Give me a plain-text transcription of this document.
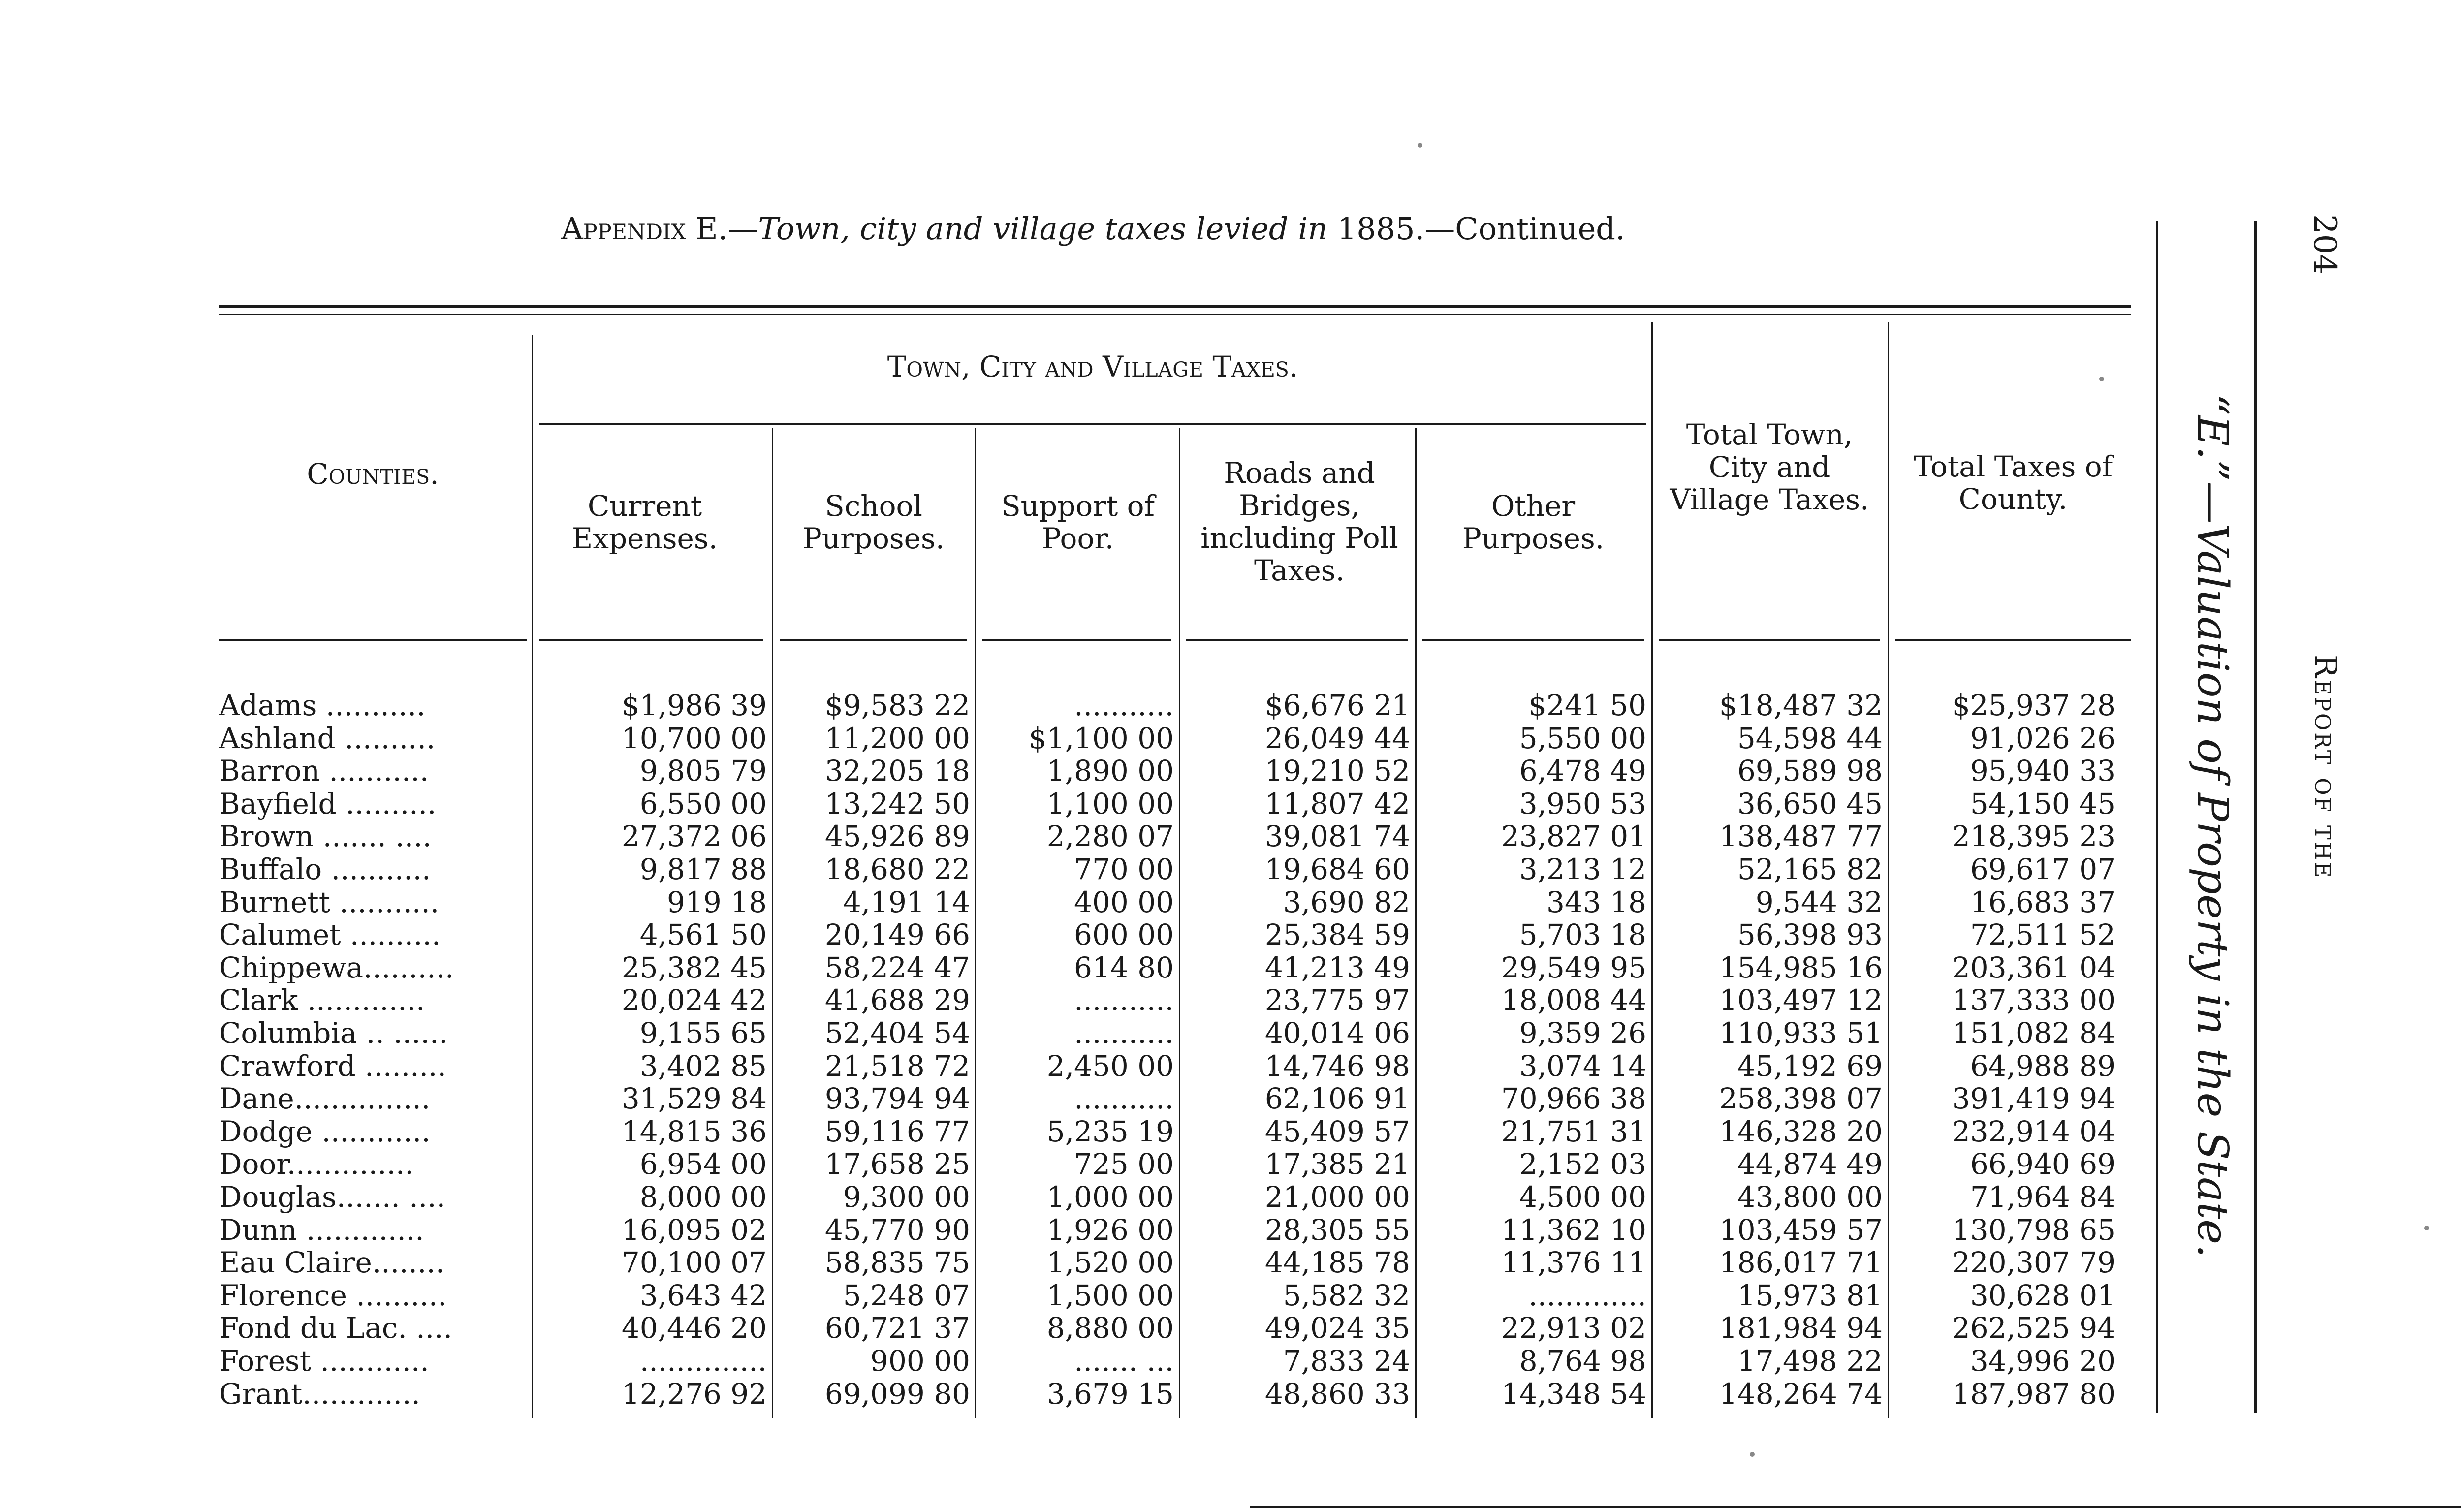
Appendix E.—Town, city and village taxes levied in 1885.—Continued.
Counties.
Town, City and Village Taxes.
Current Expenses.
School Purposes.
Support of Poor.
Roads and Bridges, including Poll Taxes.
Other Purposes.
Total Town, City and Village Taxes.
Total Taxes of County.
Adams ...........	$1,986 39	$9,583 22	...........	$6,676 21	$241 50	$18,487 32	$25,937 28
Ashland ..........	10,700 00	11,200 00	$1,100 00	26,049 44	5,550 00	54,598 44	91,026 26
Barron ...........	9,805 79	32,205 18	1,890 00	19,210 52	6,478 49	69,589 98	95,940 33
Bayfield ..........	6,550 00	13,242 50	1,100 00	11,807 42	3,950 53	36,650 45	54,150 45
Brown ....... ....	27,372 06	45,926 89	2,280 07	39,081 74	23,827 01	138,487 77	218,395 23
Buffalo ...........	9,817 88	18,680 22	770 00	19,684 60	3,213 12	52,165 82	69,617 07
Burnett ...........	919 18	4,191 14	400 00	3,690 82	343 18	9,544 32	16,683 37
Calumet ..........	4,561 50	20,149 66	600 00	25,384 59	5,703 18	56,398 93	72,511 52
Chippewa..........	25,382 45	58,224 47	614 80	41,213 49	29,549 95	154,985 16	203,361 04
Clark .............	20,024 42	41,688 29	...........	23,775 97	18,008 44	103,497 12	137,333 00
Columbia .. ......	9,155 65	52,404 54	...........	40,014 06	9,359 26	110,933 51	151,082 84
Crawford .........	3,402 85	21,518 72	2,450 00	14,746 98	3,074 14	45,192 69	64,988 89
Dane...............	31,529 84	93,794 94	...........	62,106 91	70,966 38	258,398 07	391,419 94
Dodge ............	14,815 36	59,116 77	5,235 19	45,409 57	21,751 31	146,328 20	232,914 04
Door..............	6,954 00	17,658 25	725 00	17,385 21	2,152 03	44,874 49	66,940 69
Douglas....... ....	8,000 00	9,300 00	1,000 00	21,000 00	4,500 00	43,800 00	71,964 84
Dunn .............	16,095 02	45,770 90	1,926 00	28,305 55	11,362 10	103,459 57	130,798 65
Eau Claire........	70,100 07	58,835 75	1,520 00	44,185 78	11,376 11	186,017 71	220,307 79
Florence ..........	3,643 42	5,248 07	1,500 00	5,582 32	.............	15,973 81	30,628 01
Fond du Lac. ....	40,446 20	60,721 37	8,880 00	49,024 35	22,913 02	181,984 94	262,525 94
Forest ............	..............	900 00	....... ...	7,833 24	8,764 98	17,498 22	34,996 20
Grant.............	12,276 92	69,099 80	3,679 15	48,860 33	14,348 54	148,264 74	187,987 80
204
Report of the
“E.”—Valuation of Property in the State.
